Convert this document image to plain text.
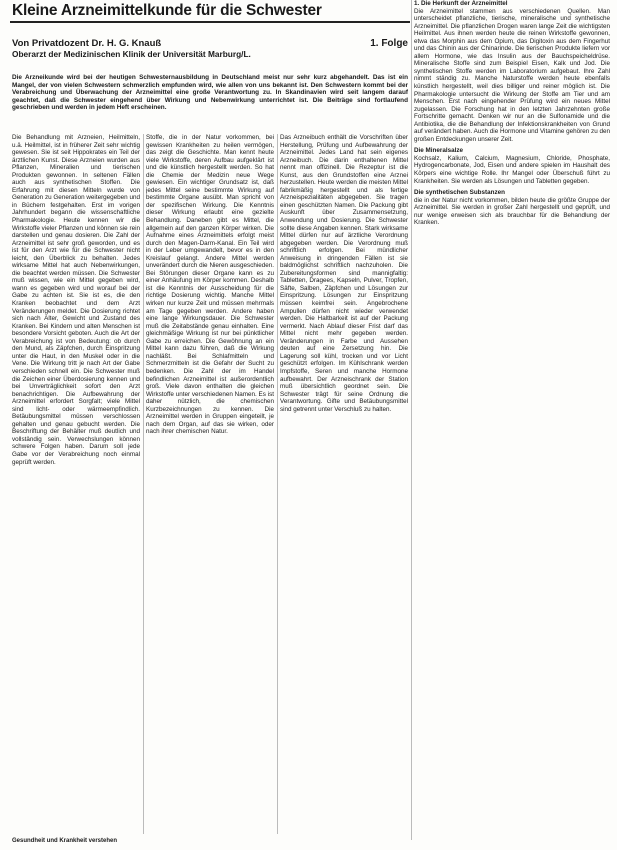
Kleine Arzneimittelkunde für die Schwester
Von Privatdozent Dr. H. G. Knauß
Oberarzt der Medizinischen Klinik der Universität Marburg/L.
1. Folge
Die Arzneikunde wird bei der heutigen Schwesternausbildung in Deutschland meist nur sehr kurz abgehandelt. Das ist ein Mangel, der von vielen Schwestern schmerzlich empfunden wird, wie allen von uns bekannt ist. Den Schwestern kommt bei der Verabreichung und Überwachung der Arzneimittel eine große Verantwortung zu. In Skandinavien wird seit langem darauf geachtet, daß die Schwester eingehend über Wirkung und Nebenwirkung unterrichtet ist. Die Beiträge sind fortlaufend geschrieben und werden in jedem Heft erscheinen.

Die Behandlung mit Arzneien, Heilmitteln, u.ä. Heilmittel, ist in früherer Zeit sehr wichtig gewesen. Sie ist seit Hippokrates ein Teil der ärztlichen Kunst. Diese Arzneien wurden aus Pflanzen, Mineralien und tierischen Produkten gewonnen. In seltenen Fällen auch aus synthetischen Stoffen. Die Erfahrung mit diesen Mitteln wurde von Generation zu Generation weitergegeben und in Büchern festgehalten. Erst im vorigen Jahrhundert begann die wissenschaftliche Pharmakologie. Heute kennen wir die Wirkstoffe vieler Pflanzen und können sie rein darstellen und genau dosieren. Die Zahl der Arzneimittel ist sehr groß geworden, und es ist für den Arzt wie für die Schwester nicht leicht, den Überblick zu behalten. Jedes wirksame Mittel hat auch Nebenwirkungen, die beachtet werden müssen. Die Schwester muß wissen, wie ein Mittel gegeben wird, wann es gegeben wird und worauf bei der Gabe zu achten ist. Sie ist es, die den Kranken beobachtet und dem Arzt Veränderungen meldet. Die Dosierung richtet sich nach Alter, Gewicht und Zustand des Kranken. Bei Kindern und alten Menschen ist besondere Vorsicht geboten. Auch die Art der Verabreichung ist von Bedeutung: ob durch den Mund, als Zäpfchen, durch Einspritzung unter die Haut, in den Muskel oder in die Vene. Die Wirkung tritt je nach Art der Gabe verschieden schnell ein. Die Schwester muß die Zeichen einer Überdosierung kennen und bei Unverträglichkeit sofort den Arzt benachrichtigen. Die Aufbewahrung der Arzneimittel erfordert Sorgfalt; viele Mittel sind licht- oder wärmeempfindlich. Betäubungsmittel müssen verschlossen gehalten und genau gebucht werden. Die Beschriftung der Behälter muß deutlich und vollständig sein. Verwechslungen können schwere Folgen haben. Darum soll jede Gabe vor der Verabreichung noch einmal geprüft werden.

Stoffe, die in der Natur vorkommen, bei gewissen Krankheiten zu heilen vermögen, das zeigt die Geschichte. Man kennt heute viele Wirkstoffe, deren Aufbau aufgeklärt ist und die künstlich hergestellt werden. So hat die Chemie der Medizin neue Wege gewiesen. Ein wichtiger Grundsatz ist, daß jedes Mittel seine bestimmte Wirkung auf bestimmte Organe ausübt. Man spricht von der spezifischen Wirkung. Die Kenntnis dieser Wirkung erlaubt eine gezielte Behandlung. Daneben gibt es Mittel, die allgemein auf den ganzen Körper wirken. Die Aufnahme eines Arzneimittels erfolgt meist durch den Magen-Darm-Kanal. Ein Teil wird in der Leber umgewandelt, bevor es in den Kreislauf gelangt. Andere Mittel werden unverändert durch die Nieren ausgeschieden. Bei Störungen dieser Organe kann es zu einer Anhäufung im Körper kommen. Deshalb ist die Kenntnis der Ausscheidung für die richtige Dosierung wichtig. Manche Mittel wirken nur kurze Zeit und müssen mehrmals am Tage gegeben werden. Andere haben eine lange Wirkungsdauer. Die Schwester muß die Zeitabstände genau einhalten. Eine gleichmäßige Wirkung ist nur bei pünktlicher Gabe zu erreichen. Die Gewöhnung an ein Mittel kann dazu führen, daß die Wirkung nachläßt. Bei Schlafmitteln und Schmerzmitteln ist die Gefahr der Sucht zu bedenken. Die Zahl der im Handel befindlichen Arzneimittel ist außerordentlich groß. Viele davon enthalten die gleichen Wirkstoffe unter verschiedenen Namen. Es ist daher nützlich, die chemischen Kurzbezeichnungen zu kennen. Die Arzneimittel werden in Gruppen eingeteilt, je nach dem Organ, auf das sie wirken, oder nach ihrer chemischen Natur.

Das Arzneibuch enthält die Vorschriften über Herstellung, Prüfung und Aufbewahrung der Arzneimittel. Jedes Land hat sein eigenes Arzneibuch. Die darin enthaltenen Mittel nennt man offizinell. Die Rezeptur ist die Kunst, aus den Grundstoffen eine Arznei herzustellen. Heute werden die meisten Mittel fabrikmäßig hergestellt und als fertige Arzneispezialitäten abgegeben. Sie tragen einen geschützten Namen. Die Packung gibt Auskunft über Zusammensetzung, Anwendung und Dosierung. Die Schwester sollte diese Angaben kennen. Stark wirksame Mittel dürfen nur auf ärztliche Verordnung abgegeben werden. Die Verordnung muß schriftlich erfolgen. Bei mündlicher Anweisung in dringenden Fällen ist sie baldmöglichst schriftlich nachzuholen. Die Zubereitungsformen sind mannigfaltig: Tabletten, Dragees, Kapseln, Pulver, Tropfen, Säfte, Salben, Zäpfchen und Lösungen zur Einspritzung. Lösungen zur Einspritzung müssen keimfrei sein. Angebrochene Ampullen dürfen nicht wieder verwendet werden. Die Haltbarkeit ist auf der Packung vermerkt. Nach Ablauf dieser Frist darf das Mittel nicht mehr gegeben werden. Veränderungen in Farbe und Aussehen deuten auf eine Zersetzung hin. Die Lagerung soll kühl, trocken und vor Licht geschützt erfolgen. Im Kühlschrank werden Impfstoffe, Seren und manche Hormone aufbewahrt. Der Arzneischrank der Station muß übersichtlich geordnet sein. Die Schwester trägt für seine Ordnung die Verantwortung. Gifte und Betäubungsmittel sind getrennt unter Verschluß zu halten.

1. Die Herkunft der Arzneimittel

Die Arzneimittel stammen aus verschiedenen Quellen. Man unterscheidet pflanzliche, tierische, mineralische und synthetische Arzneimittel. Die pflanzlichen Drogen waren lange Zeit die wichtigsten Heilmittel. Aus ihnen werden heute die reinen Wirkstoffe gewonnen, etwa das Morphin aus dem Opium, das Digitoxin aus dem Fingerhut und das Chinin aus der Chinarinde. Die tierischen Produkte liefern vor allem Hormone, wie das Insulin aus der Bauchspeicheldrüse. Mineralische Stoffe sind zum Beispiel Eisen, Kalk und Jod. Die synthetischen Stoffe werden im Laboratorium aufgebaut. Ihre Zahl nimmt ständig zu. Manche Naturstoffe werden heute ebenfalls künstlich hergestellt, weil dies billiger und reiner möglich ist. Die Pharmakologie untersucht die Wirkung der Stoffe am Tier und am Menschen. Erst nach eingehender Prüfung wird ein neues Mittel zugelassen. Die Forschung hat in den letzten Jahrzehnten große Fortschritte gemacht. Denken wir nur an die Sulfonamide und die Antibiotika, die die Behandlung der Infektionskrankheiten von Grund auf verändert haben. Auch die Hormone und Vitamine gehören zu den großen Entdeckungen unserer Zeit.

Die Mineralsalze

Kochsalz, Kalium, Calcium, Magnesium, Chloride, Phosphate, Hydrogencarbonate, Jod, Eisen und andere spielen im Haushalt des Körpers eine wichtige Rolle. Ihr Mangel oder Überschuß führt zu Krankheiten. Sie werden als Lösungen und Tabletten gegeben.

Die synthetischen Substanzen

die in der Natur nicht vorkommen, bilden heute die größte Gruppe der Arzneimittel. Sie werden in großer Zahl hergestellt und geprüft, und nur wenige erweisen sich als brauchbar für die Behandlung der Kranken.

Gesundheit und Krankheit verstehen
